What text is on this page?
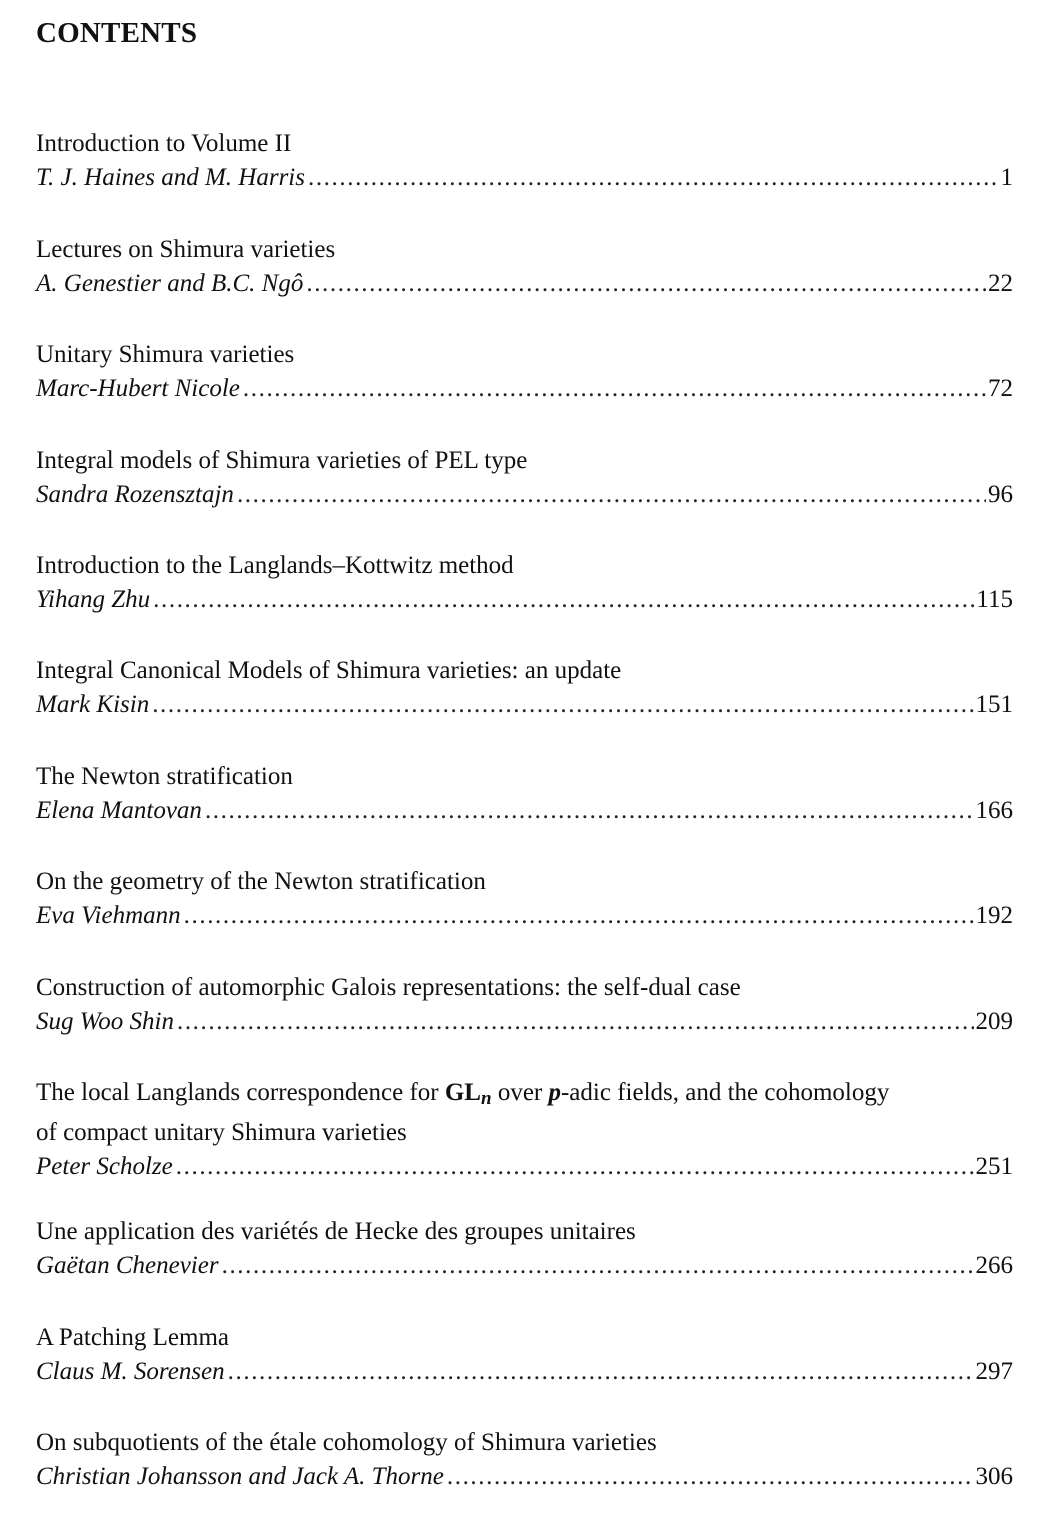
CONTENTS
Introduction to Volume II
T. J. Haines and M. Harris .....	1
Lectures on Shimura varieties
A. Genestier and B.C. Ngô .....	22
Unitary Shimura varieties
Marc-Hubert Nicole .....	72
Integral models of Shimura varieties of PEL type
Sandra Rozensztajn .....	96
Introduction to the Langlands–Kottwitz method
Yihang Zhu .....	115
Integral Canonical Models of Shimura varieties: an update
Mark Kisin .....	151
The Newton stratification
Elena Mantovan .....	166
On the geometry of the Newton stratification
Eva Viehmann .....	192
Construction of automorphic Galois representations: the self-dual case
Sug Woo Shin .....	209
The local Langlands correspondence for $GL_n$ over p-adic fields, and the cohomology
of compact unitary Shimura varieties
Peter Scholze .....	251
Une application des variétés de Hecke des groupes unitaires
Gaëtan Chenevier .....	266
A Patching Lemma
Claus M. Sorensen .....	297
On subquotients of the étale cohomology of Shimura varieties
Christian Johansson and Jack A. Thorne .....	306
